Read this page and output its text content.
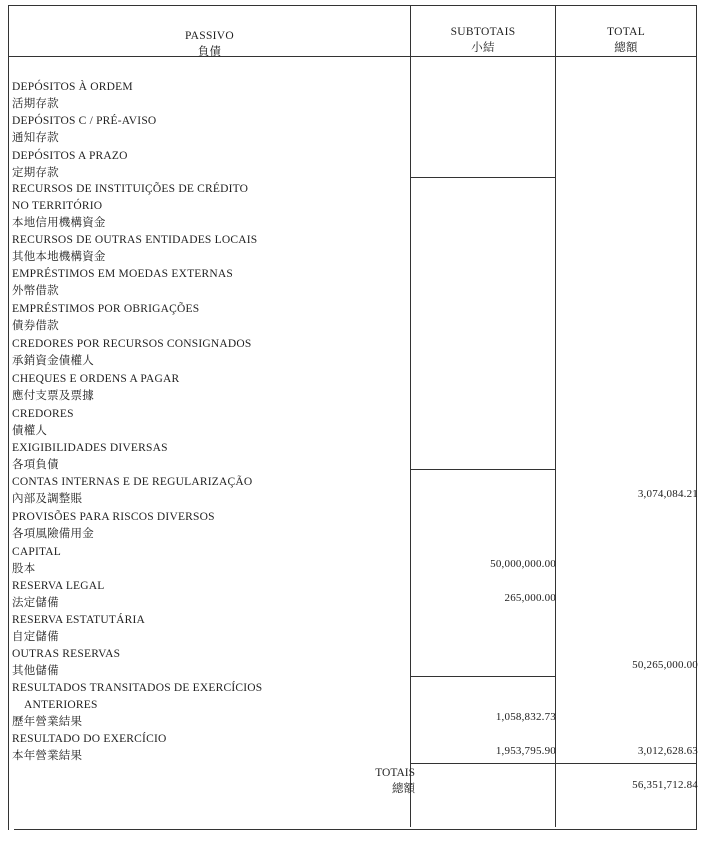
PASSIVO
負債
SUBTOTAIS
小結
TOTAL
總額
DEPÓSITOS À ORDEM
活期存款
DEPÓSITOS C / PRÉ-AVISO
通知存款
DEPÓSITOS A PRAZO
定期存款
RECURSOS DE INSTITUIÇÕES DE CRÉDITO
NO TERRITÓRIO
本地信用機構資金
RECURSOS DE OUTRAS ENTIDADES LOCAIS
其他本地機構資金
EMPRÉSTIMOS EM MOEDAS EXTERNAS
外幣借款
EMPRÉSTIMOS POR OBRIGAÇÕES
債券借款
CREDORES POR RECURSOS CONSIGNADOS
承銷資金債權人
CHEQUES E ORDENS A PAGAR
應付支票及票據
CREDORES
債權人
EXIGIBILIDADES DIVERSAS
各項負債
CONTAS INTERNAS E DE REGULARIZAÇÃO
內部及調整賬
PROVISÕES PARA RISCOS DIVERSOS
各項風險備用金
CAPITAL
股本
RESERVA LEGAL
法定儲備
RESERVA ESTATUTÁRIA
自定儲備
OUTRAS RESERVAS
其他儲備
RESULTADOS TRANSITADOS DE EXERCÍCIOS
ANTERIORES
歷年營業結果
RESULTADO DO EXERCÍCIO
本年營業結果
3,074,084.21
50,000,000.00
265,000.00
50,265,000.00
1,058,832.73
1,953,795.90	3,012,628.63
TOTAIS
總額	56,351,712.84
